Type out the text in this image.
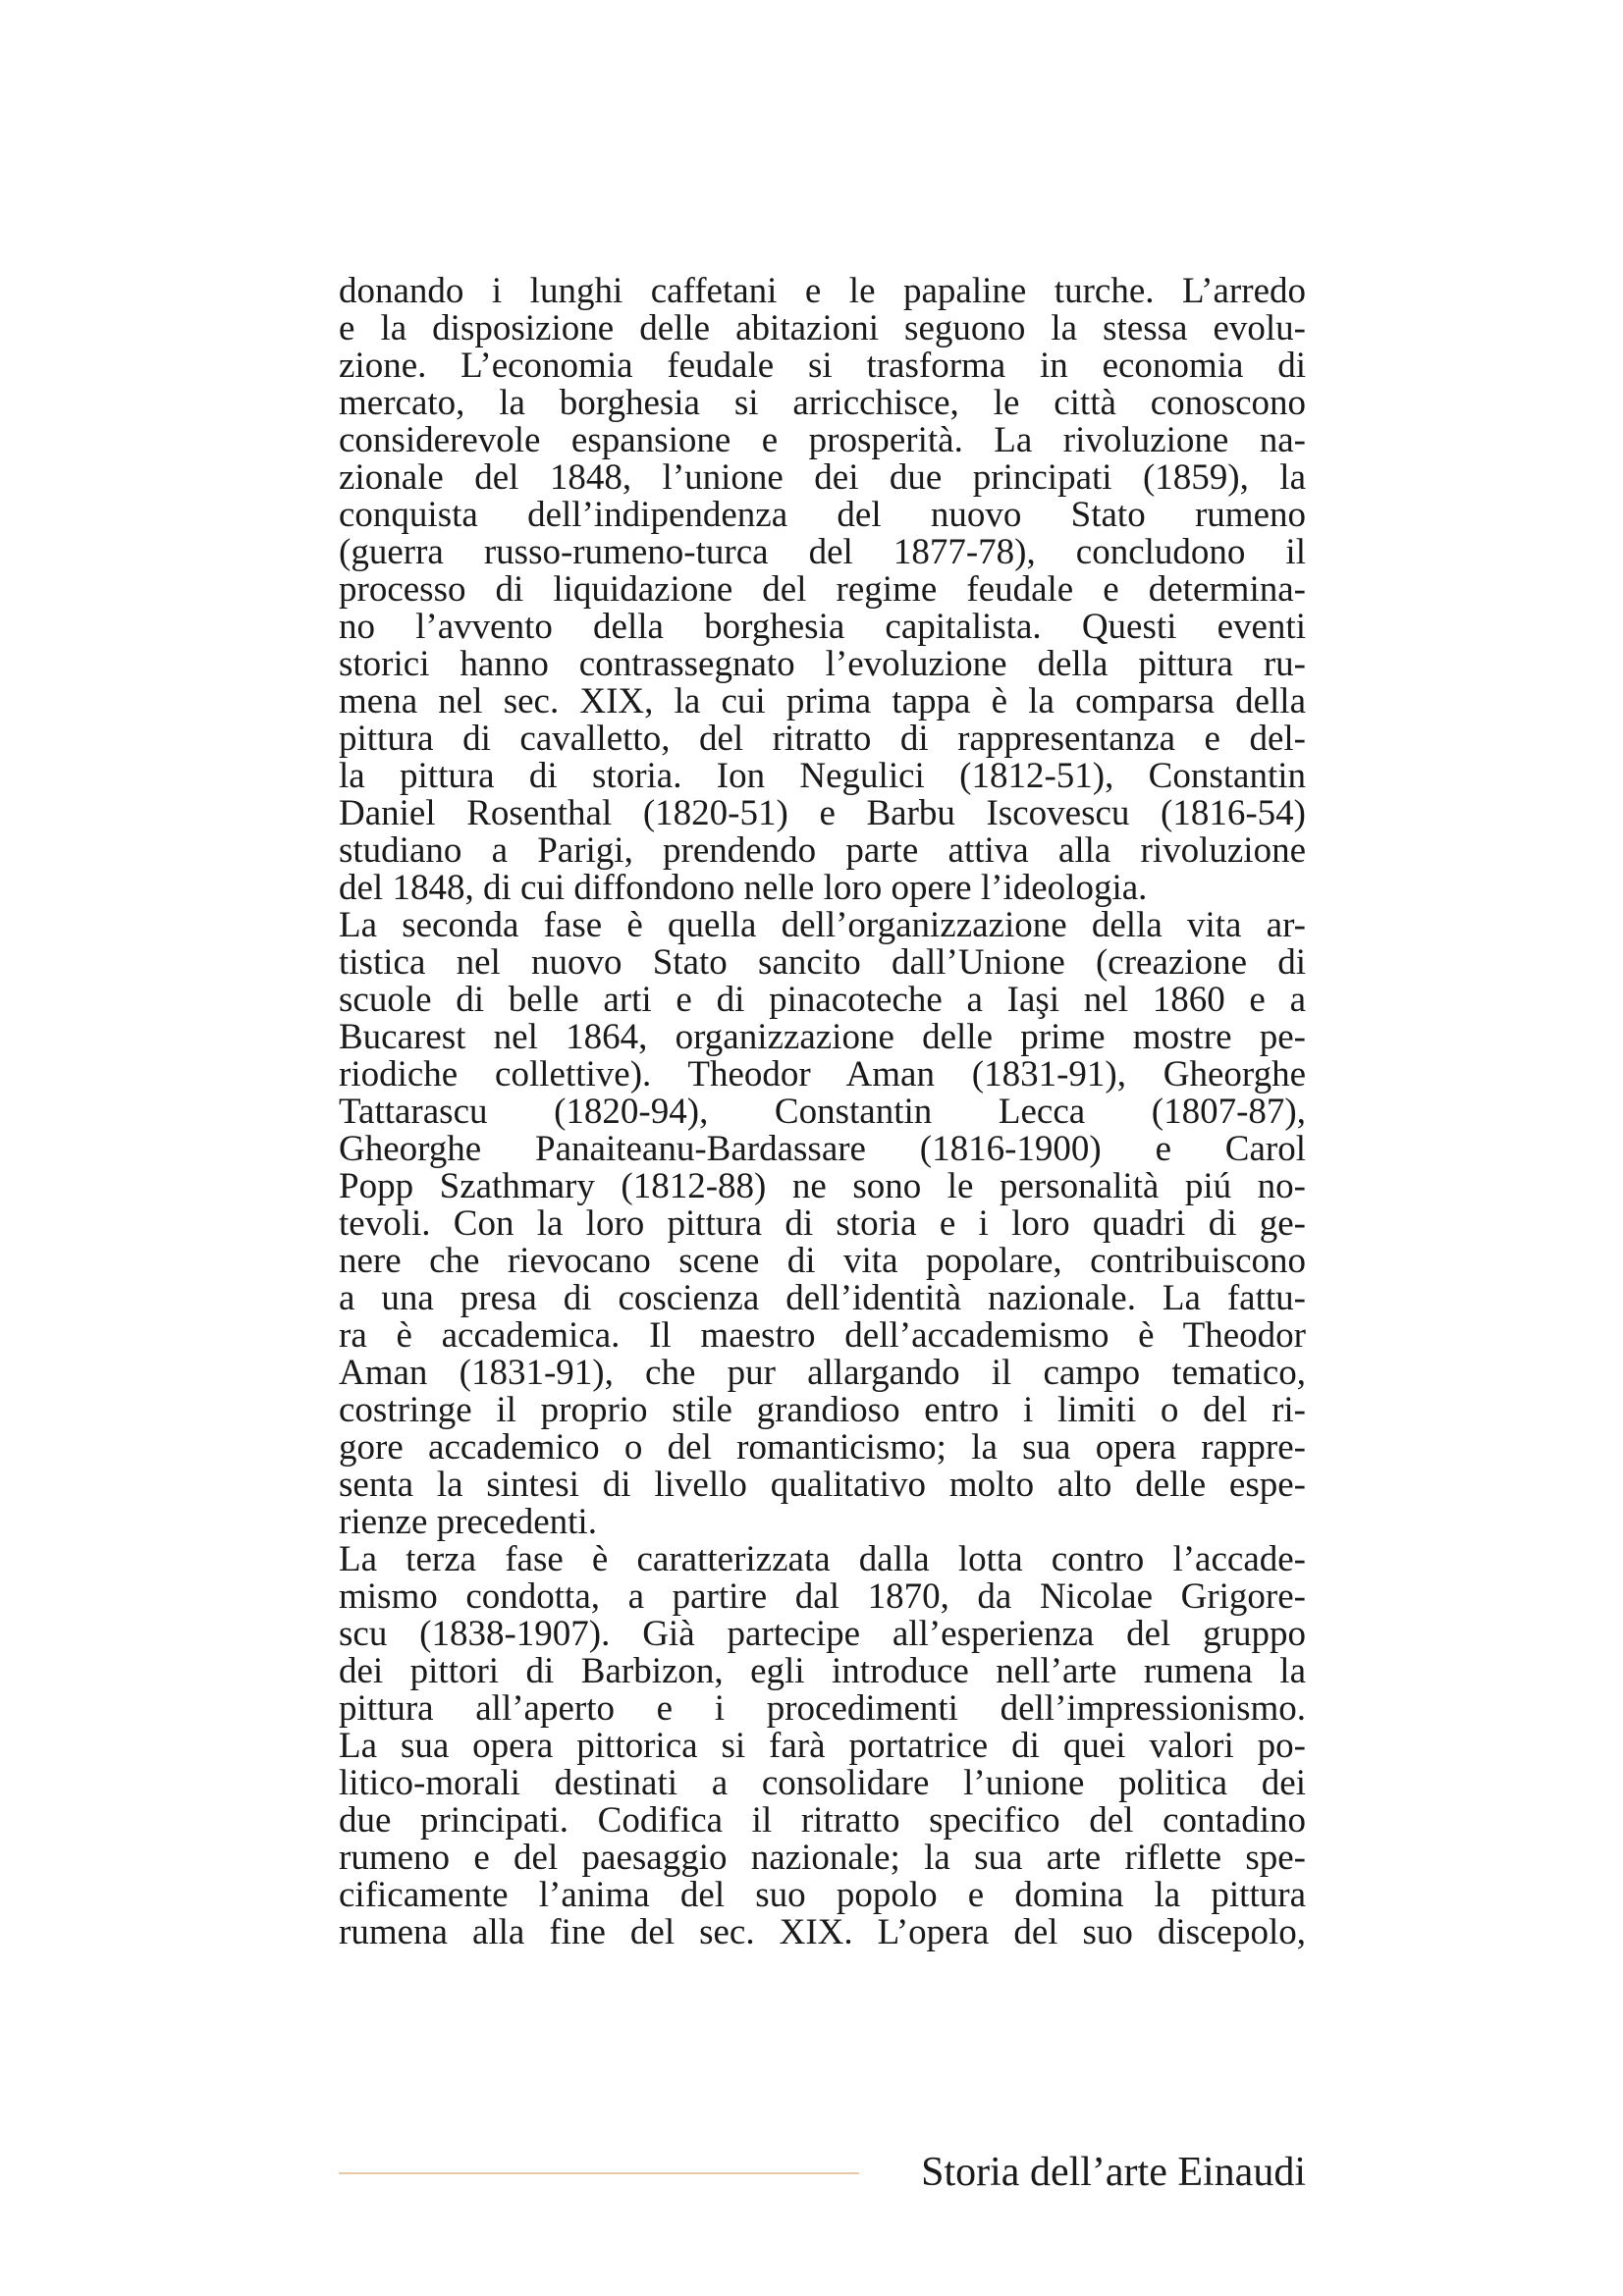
donando i lunghi caffetani e le papaline turche. L’arredo
e la disposizione delle abitazioni seguono la stessa evolu-
zione. L’economia feudale si trasforma in economia di
mercato, la borghesia si arricchisce, le città conoscono
considerevole espansione e prosperità. La rivoluzione na-
zionale del 1848, l’unione dei due principati (1859), la
conquista dell’indipendenza del nuovo Stato rumeno
(guerra russo-rumeno-turca del 1877-78), concludono il
processo di liquidazione del regime feudale e determina-
no l’avvento della borghesia capitalista. Questi eventi
storici hanno contrassegnato l’evoluzione della pittura ru-
mena nel sec. XIX, la cui prima tappa è la comparsa della
pittura di cavalletto, del ritratto di rappresentanza e del-
la pittura di storia. Ion Negulici (1812-51), Constantin
Daniel Rosenthal (1820-51) e Barbu Iscovescu (1816-54)
studiano a Parigi, prendendo parte attiva alla rivoluzione
del 1848, di cui diffondono nelle loro opere l’ideologia.
La seconda fase è quella dell’organizzazione della vita ar-
tistica nel nuovo Stato sancito dall’Unione (creazione di
scuole di belle arti e di pinacoteche a Iaşi nel 1860 e a
Bucarest nel 1864, organizzazione delle prime mostre pe-
riodiche collettive). Theodor Aman (1831-91), Gheorghe
Tattarascu (1820-94), Constantin Lecca (1807-87),
Gheorghe Panaiteanu-Bardassare (1816-1900) e Carol
Popp Szathmary (1812-88) ne sono le personalità piú no-
tevoli. Con la loro pittura di storia e i loro quadri di ge-
nere che rievocano scene di vita popolare, contribuiscono
a una presa di coscienza dell’identità nazionale. La fattu-
ra è accademica. Il maestro dell’accademismo è Theodor
Aman (1831-91), che pur allargando il campo tematico,
costringe il proprio stile grandioso entro i limiti o del ri-
gore accademico o del romanticismo; la sua opera rappre-
senta la sintesi di livello qualitativo molto alto delle espe-
rienze precedenti.
La terza fase è caratterizzata dalla lotta contro l’accade-
mismo condotta, a partire dal 1870, da Nicolae Grigore-
scu (1838-1907). Già partecipe all’esperienza del gruppo
dei pittori di Barbizon, egli introduce nell’arte rumena la
pittura all’aperto e i procedimenti dell’impressionismo.
La sua opera pittorica si farà portatrice di quei valori po-
litico-morali destinati a consolidare l’unione politica dei
due principati. Codifica il ritratto specifico del contadino
rumeno e del paesaggio nazionale; la sua arte riflette spe-
cificamente l’anima del suo popolo e domina la pittura
rumena alla fine del sec. XIX. L’opera del suo discepolo,
Storia dell’arte Einaudi
